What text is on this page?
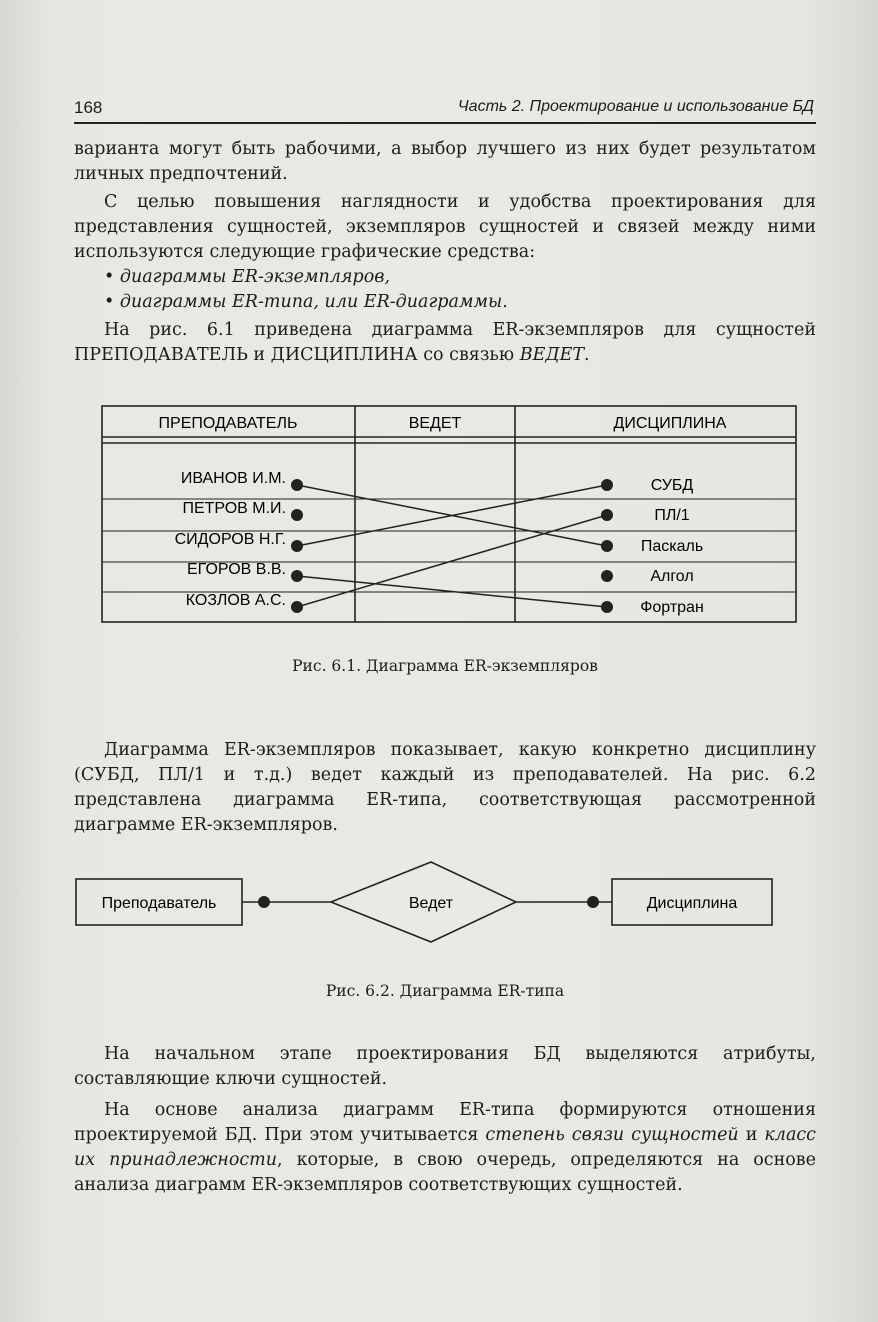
168	Часть 2. Проектирование и использование БД

варианта могут быть рабочими, а выбор лучшего из них будет результатом личных предпочтений.

С целью повышения наглядности и удобства проектирования для представления сущностей, экземпляров сущностей и связей между ними используются следующие графические средства:

• диаграммы ER-экземпляров,

• диаграммы ER-типа, или ER-диаграммы.

На рис. 6.1 приведена диаграмма ER-экземпляров для сущностей ПРЕПОДАВАТЕЛЬ и ДИСЦИПЛИНА со связью ВЕДЕТ.

ПРЕПОДАВАТЕЛЬ	ВЕДЕТ	ДИСЦИПЛИНА
ИВАНОВ И.М.
ПЕТРОВ М.И.
СИДОРОВ Н.Г.
ЕГОРОВ В.В.
КОЗЛОВ А.С.
СУБД
ПЛ/1
Паскаль
Алгол
Фортран
Рис. 6.1. Диаграмма ER-экземпляров

Диаграмма ER-экземпляров показывает, какую конкретно дисциплину (СУБД, ПЛ/1 и т.д.) ведет каждый из преподавателей. На рис. 6.2 представлена диаграмма ER-типа, соответствующая рассмотренной диаграмме ER-экземпляров.

Преподаватель	Ведет	Дисциплина
Рис. 6.2. Диаграмма ER-типа

На начальном этапе проектирования БД выделяются атрибуты, составляющие ключи сущностей.

На основе анализа диаграмм ER-типа формируются отношения проектируемой БД. При этом учитывается степень связи сущностей и класс их принадлежности, которые, в свою очередь, определяются на основе анализа диаграмм ER-экземпляров соответствующих сущностей.
